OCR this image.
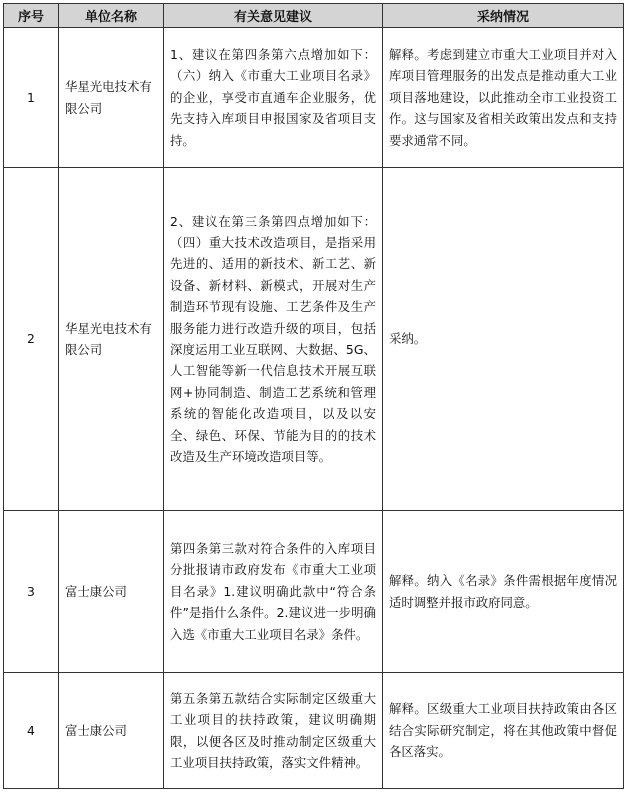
序号	单位名称	有关意见建议	采纳情况
1	华星光电技术有限公司	1、建议在第四条第六点增加如下：（六）纳入《市重大工业项目名录》的企业，享受市直通车企业服务，优先支持入库项目申报国家及省项目支持。	解释。考虑到建立市重大工业项目并对入库项目管理服务的出发点是推动重大工业项目落地建设，以此推动全市工业投资工作。这与国家及省相关政策出发点和支持要求通常不同。
2	华星光电技术有限公司	2、建议在第三条第四点增加如下：（四）重大技术改造项目，是指采用先进的、适用的新技术、新工艺、新设备、新材料、新模式，开展对生产制造环节现有设施、工艺条件及生产服务能力进行改造升级的项目，包括深度运用工业互联网、大数据、5G、人工智能等新一代信息技术开展互联网+协同制造、制造工艺系统和管理系统的智能化改造项目，以及以安全、绿色、环保、节能为目的的技术改造及生产环境改造项目等。	采纳。
3	富士康公司	第四条第三款对符合条件的入库项目分批报请市政府发布《市重大工业项目名录》1.建议明确此款中“符合条件”是指什么条件。2.建议进一步明确入选《市重大工业项目名录》条件。	解释。纳入《名录》条件需根据年度情况适时调整并报市政府同意。
4	富士康公司	第五条第五款结合实际制定区级重大工业项目的扶持政策，建议明确期限，以便各区及时推动制定区级重大工业项目扶持政策，落实文件精神。	解释。区级重大工业项目扶持政策由各区结合实际研究制定，将在其他政策中督促各区落实。
